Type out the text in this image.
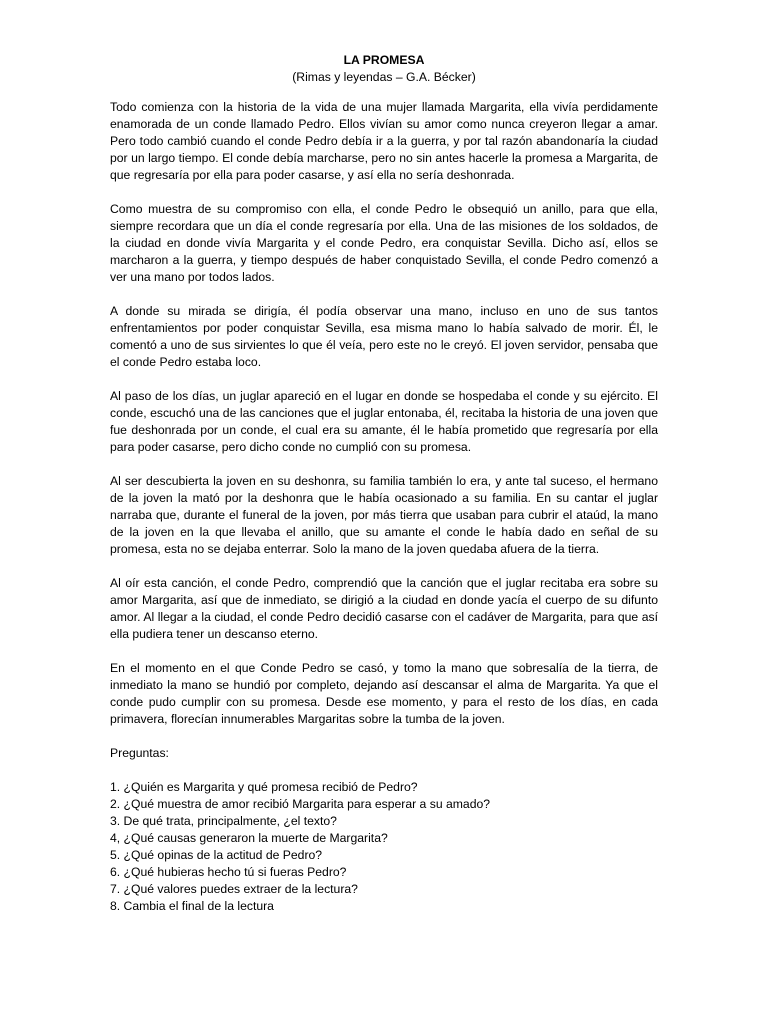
LA PROMESA

(Rimas y leyendas – G.A. Bécker)

Todo comienza con la historia de la vida de una mujer llamada Margarita, ella vivía perdidamente enamorada de un conde llamado Pedro. Ellos vivían su amor como nunca creyeron llegar a amar. Pero todo cambió cuando el conde Pedro debía ir a la guerra, y por tal razón abandonaría la ciudad por un largo tiempo. El conde debía marcharse, pero no sin antes hacerle la promesa a Margarita, de que regresaría por ella para poder casarse, y así ella no sería deshonrada.

Como muestra de su compromiso con ella, el conde Pedro le obsequió un anillo, para que ella, siempre recordara que un día el conde regresaría por ella. Una de las misiones de los soldados, de la ciudad en donde vivía Margarita y el conde Pedro, era conquistar Sevilla. Dicho así, ellos se marcharon a la guerra, y tiempo después de haber conquistado Sevilla, el conde Pedro comenzó a ver una mano por todos lados.

A donde su mirada se dirigía, él podía observar una mano, incluso en uno de sus tantos enfrentamientos por poder conquistar Sevilla, esa misma mano lo había salvado de morir. Él, le comentó a uno de sus sirvientes lo que él veía, pero este no le creyó. El joven servidor, pensaba que el conde Pedro estaba loco.

Al paso de los días, un juglar apareció en el lugar en donde se hospedaba el conde y su ejército. El conde, escuchó una de las canciones que el juglar entonaba, él, recitaba la historia de una joven que fue deshonrada por un conde, el cual era su amante, él le había prometido que regresaría por ella para poder casarse, pero dicho conde no cumplió con su promesa.

Al ser descubierta la joven en su deshonra, su familia también lo era, y ante tal suceso, el hermano de la joven la mató por la deshonra que le había ocasionado a su familia. En su cantar el juglar narraba que, durante el funeral de la joven, por más tierra que usaban para cubrir el ataúd, la mano de la joven en la que llevaba el anillo, que su amante el conde le había dado en señal de su promesa, esta no se dejaba enterrar. Solo la mano de la joven quedaba afuera de la tierra.

Al oír esta canción, el conde Pedro, comprendió que la canción que el juglar recitaba era sobre su amor Margarita, así que de inmediato, se dirigió a la ciudad en donde yacía el cuerpo de su difunto amor. Al llegar a la ciudad, el conde Pedro decidió casarse con el cadáver de Margarita, para que así ella pudiera tener un descanso eterno.

En el momento en el que Conde Pedro se casó, y tomo la mano que sobresalía de la tierra, de inmediato la mano se hundió por completo, dejando así descansar el alma de Margarita. Ya que el conde pudo cumplir con su promesa. Desde ese momento, y para el resto de los días, en cada primavera, florecían innumerables Margaritas sobre la tumba de la joven.

Preguntas:

1. ¿Quién es Margarita y qué promesa recibió de Pedro?
2. ¿Qué muestra de amor recibió Margarita para esperar a su amado?
3. De qué trata, principalmente, ¿el texto?
4, ¿Qué causas generaron la muerte de Margarita?
5. ¿Qué opinas de la actitud de Pedro?
6. ¿Qué hubieras hecho tú si fueras Pedro?
7. ¿Qué valores puedes extraer de la lectura?
8. Cambia el final de la lectura
